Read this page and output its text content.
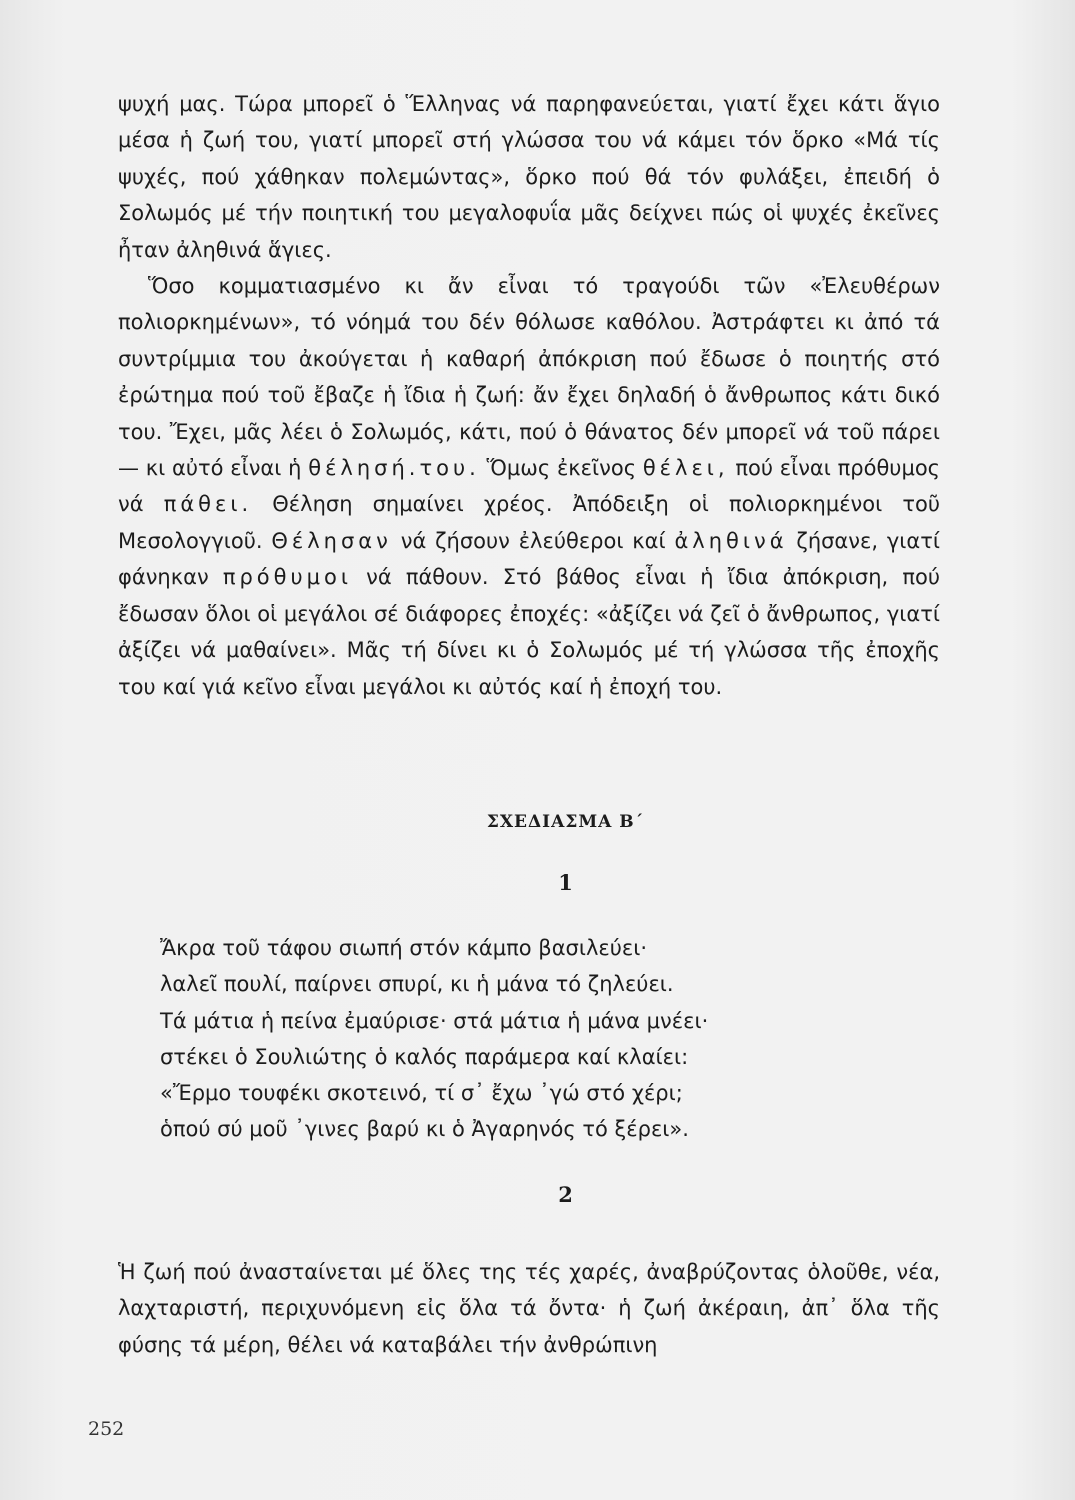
ψυχή μας. Τώρα μπορεῖ ὁ Ἕλληνας νά παρηφανεύεται, γιατί ἔχει κάτι ἅγιο μέσα ἡ ζωή του, γιατί μπορεῖ στή γλώσσα του νά κάμει τόν ὅρκο «Μά τίς ψυχές, πού χάθηκαν πολεμώντας», ὅρκο πού θά τόν φυλάξει, ἐπειδή ὁ Σολωμός μέ τήν ποιητική του μεγαλοφυΐα μᾶς δείχνει πώς οἱ ψυχές ἐκεῖνες ἦταν ἀληθινά ἅγιες.

Ὅσο κομματιασμένο κι ἄν εἶναι τό τραγούδι τῶν «Ἐλευθέρων πολιορκημένων», τό νόημά του δέν θόλωσε καθόλου. Ἀστράφτει κι ἀπό τά συντρίμμια του ἀκούγεται ἡ καθαρή ἀπόκριση πού ἔδωσε ὁ ποιητής στό ἐρώτημα πού τοῦ ἔβαζε ἡ ἴδια ἡ ζωή: ἄν ἔχει δηλαδή ὁ ἄνθρωπος κάτι δικό του. Ἔχει, μᾶς λέει ὁ Σολωμός, κάτι, πού ὁ θάνατος δέν μπορεῖ νά τοῦ πάρει — κι αὐτό εἶναι ἡ θέλησή.του. Ὅμως ἐκεῖνος θέλει, πού εἶναι πρόθυμος νά πάθει. Θέληση σημαίνει χρέος. Ἀπόδειξη οἱ πολιορκημένοι τοῦ Μεσολογγιοῦ. Θέλησαν νά ζήσουν ἐλεύθεροι καί ἀληθινά ζήσανε, γιατί φάνηκαν πρόθυμοι νά πάθουν. Στό βάθος εἶναι ἡ ἴδια ἀπόκριση, πού ἔδωσαν ὅλοι οἱ μεγάλοι σέ διάφορες ἐποχές: «ἀξίζει νά ζεῖ ὁ ἄνθρωπος, γιατί ἀξίζει νά μαθαίνει». Μᾶς τή δίνει κι ὁ Σολωμός μέ τή γλώσσα τῆς ἐποχῆς του καί γιά κεῖνο εἶναι μεγάλοι κι αὐτός καί ἡ ἐποχή του.

ΣΧΕΔΙΑΣΜΑ Β΄
1
Ἄκρα τοῦ τάφου σιωπή στόν κάμπο βασιλεύει·
λαλεῖ πουλί, παίρνει σπυρί, κι ἡ μάνα τό ζηλεύει.
Τά μάτια ἡ πείνα ἐμαύρισε· στά μάτια ἡ μάνα μνέει·
στέκει ὁ Σουλιώτης ὁ καλός παράμερα καί κλαίει:
«Ἔρμο τουφέκι σκοτεινό, τί σ᾽ ἔχω ᾽γώ στό χέρι;
ὁπού σύ μοῦ ᾽γινες βαρύ κι ὁ Ἀγαρηνός τό ξέρει».
2

Ἡ ζωή πού ἀνασταίνεται μέ ὅλες της τές χαρές, ἀναβρύζοντας ὁλοῦθε, νέα, λαχταριστή, περιχυνόμενη εἰς ὅλα τά ὄντα· ἡ ζωή ἀκέραιη, ἀπ᾽ ὅλα τῆς φύσης τά μέρη, θέλει νά καταβάλει τήν ἀνθρώπινη

252
